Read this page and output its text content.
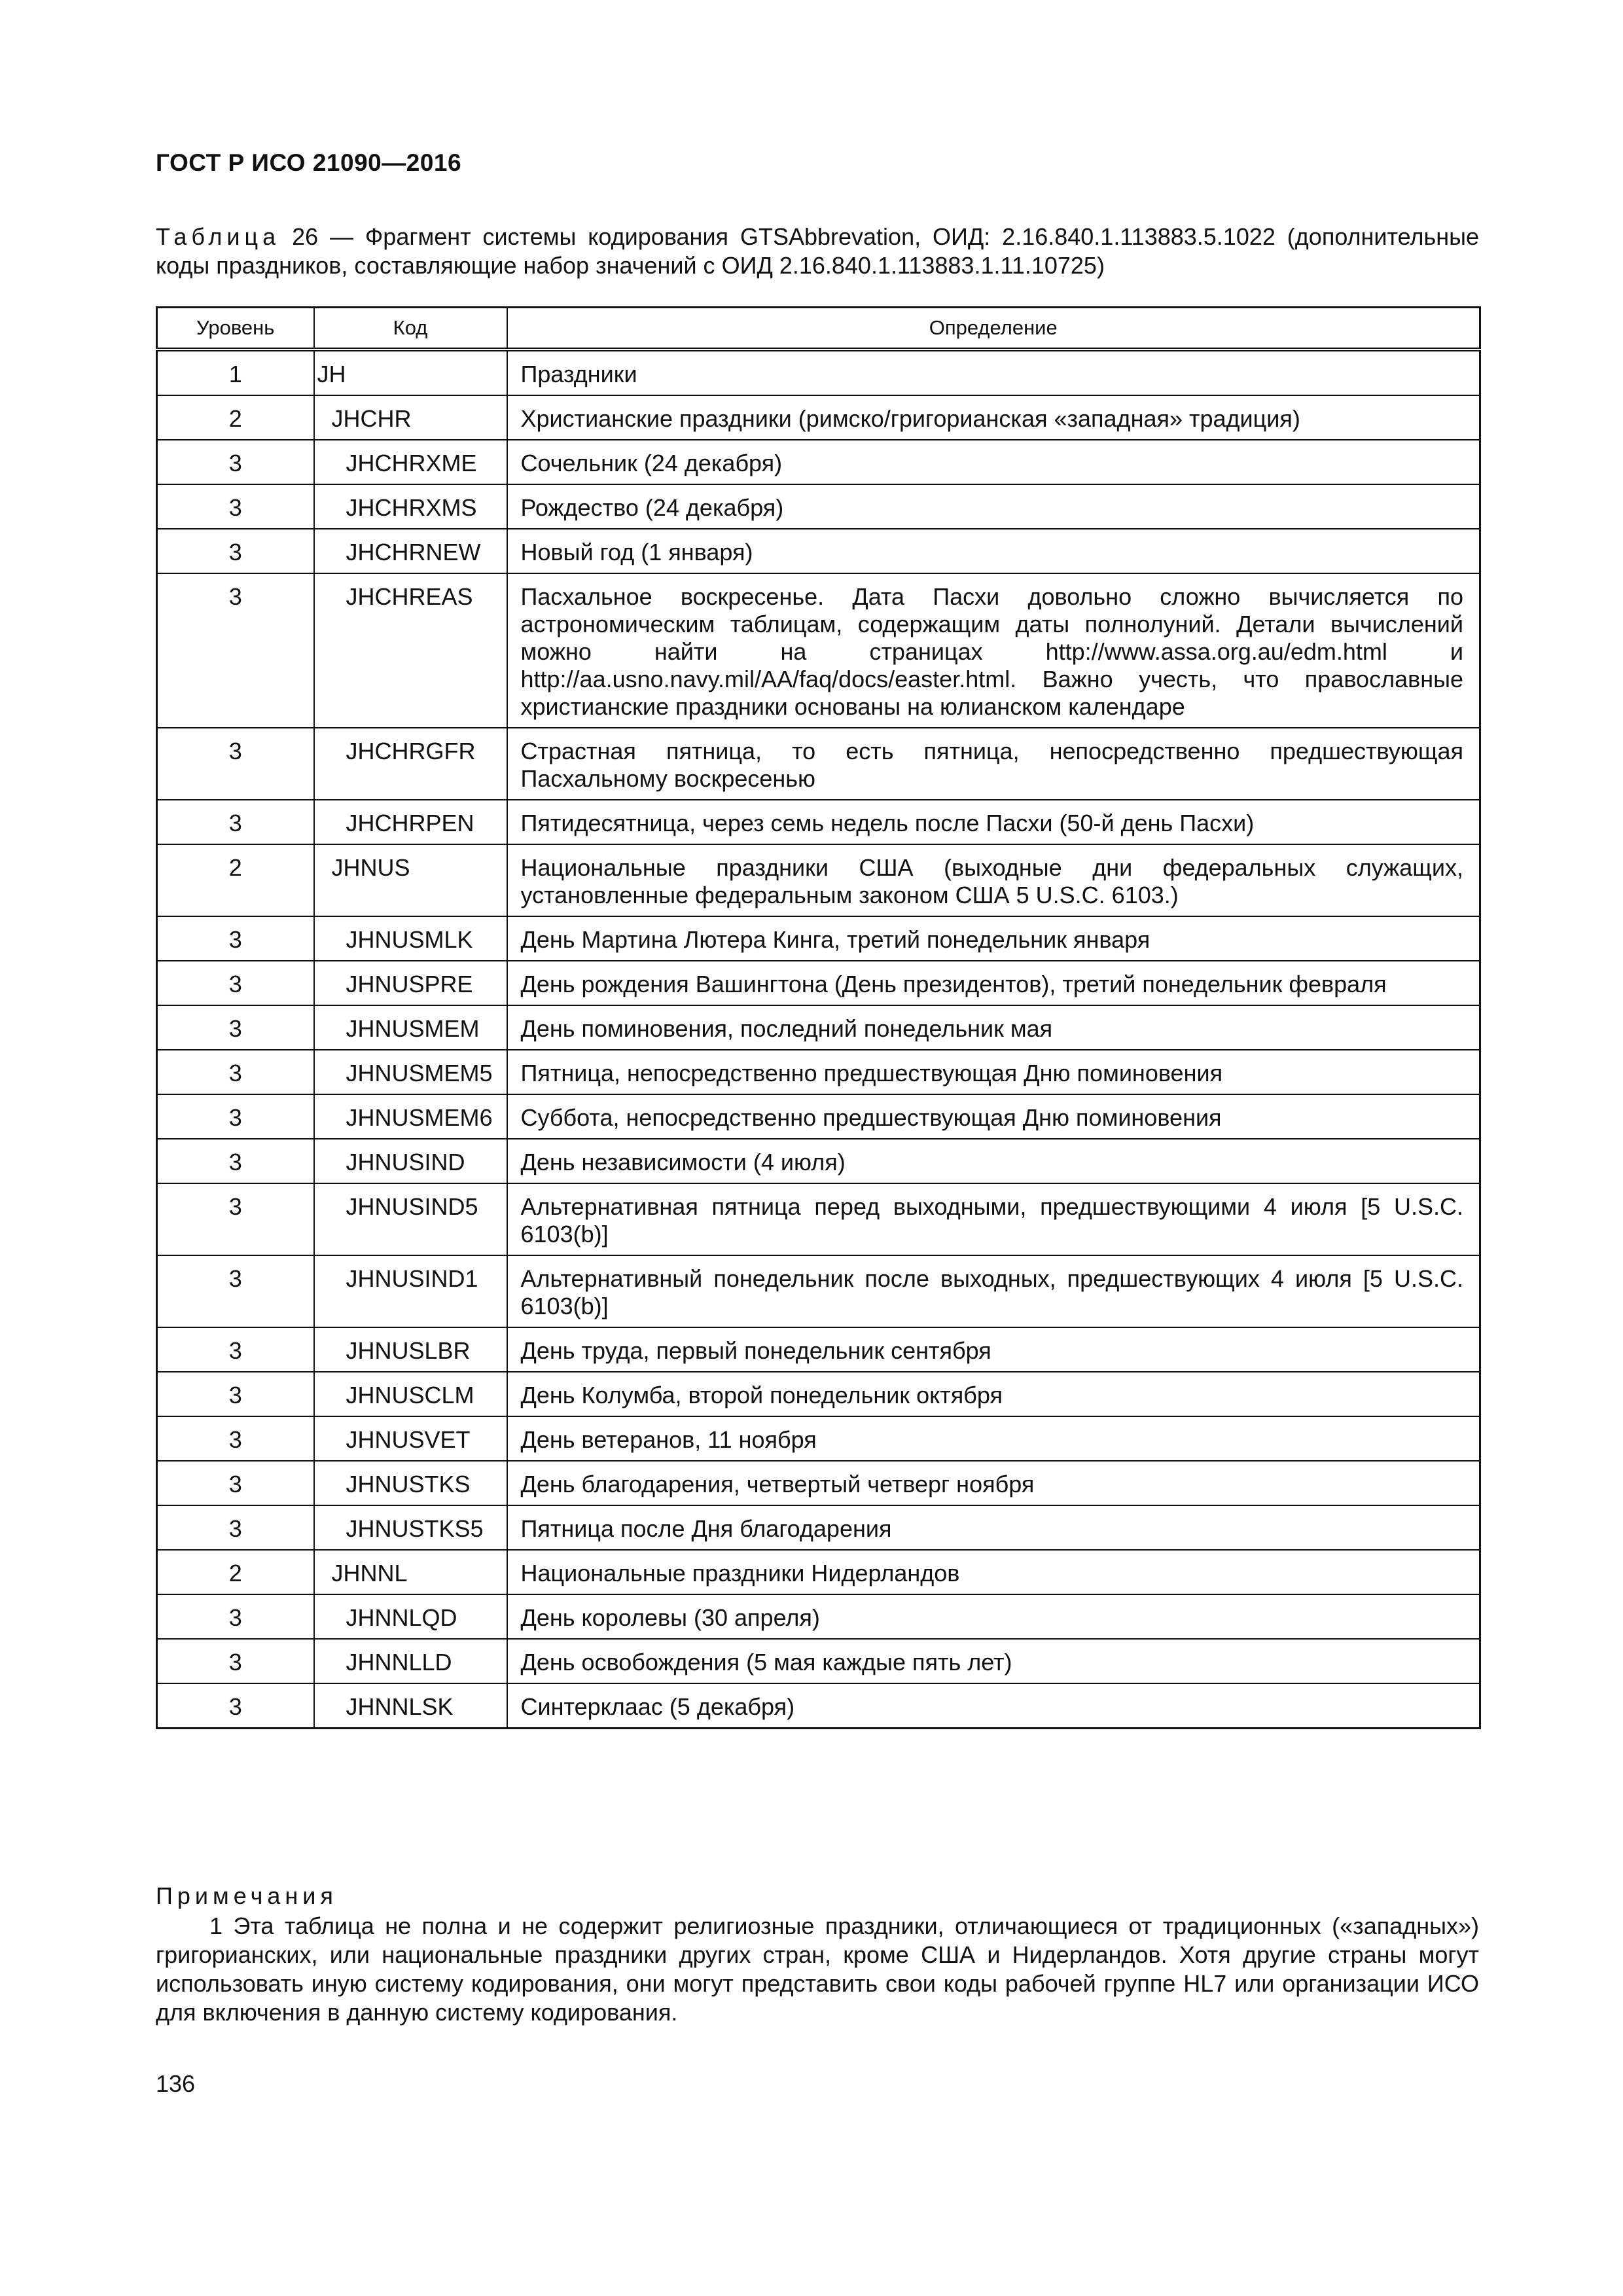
ГОСТ Р ИСО 21090—2016
Таблица 26 — Фрагмент системы кодирования GTSAbbrevation, ОИД: 2.16.840.1.113883.5.1022 (дополнительные коды праздников, составляющие набор значений с ОИД 2.16.840.1.113883.1.11.10725)
Уровень	Код	Определение
1	JH	Праздники
2	JHCHR	Христианские праздники (римско/григорианская «западная» традиция)
3	JHCHRXME	Сочельник (24 декабря)
3	JHCHRXMS	Рождество (24 декабря)
3	JHCHRNEW	Новый год (1 января)
3	JHCHREAS	Пасхальное воскресенье. Дата Пасхи довольно сложно вычисляется по астрономическим таблицам, содержащим даты полнолуний. Детали вычислений можно найти на страницах http://www.assa.org.au/edm.html и http://aa.usno.navy.mil/AA/faq/docs/easter.html. Важно учесть, что православные христианские праздники основаны на юлианском календаре
3	JHCHRGFR	Страстная пятница, то есть пятница, непосредственно предшествующая Пасхальному воскресенью
3	JHCHRPEN	Пятидесятница, через семь недель после Пасхи (50-й день Пасхи)
2	JHNUS	Национальные праздники США (выходные дни федеральных служащих, установленные федеральным законом США 5 U.S.C. 6103.)
3	JHNUSMLK	День Мартина Лютера Кинга, третий понедельник января
3	JHNUSPRE	День рождения Вашингтона (День президентов), третий понедельник февраля
3	JHNUSMEM	День поминовения, последний понедельник мая
3	JHNUSMEM5	Пятница, непосредственно предшествующая Дню поминовения
3	JHNUSMEM6	Суббота, непосредственно предшествующая Дню поминовения
3	JHNUSIND	День независимости (4 июля)
3	JHNUSIND5	Альтернативная пятница перед выходными, предшествующими 4 июля [5 U.S.C. 6103(b)]
3	JHNUSIND1	Альтернативный понедельник после выходных, предшествующих 4 июля [5 U.S.C. 6103(b)]
3	JHNUSLBR	День труда, первый понедельник сентября
3	JHNUSCLM	День Колумба, второй понедельник октября
3	JHNUSVET	День ветеранов, 11 ноября
3	JHNUSTKS	День благодарения, четвертый четверг ноября
3	JHNUSTKS5	Пятница после Дня благодарения
2	JHNNL	Национальные праздники Нидерландов
3	JHNNLQD	День королевы (30 апреля)
3	JHNNLLD	День освобождения (5 мая каждые пять лет)
3	JHNNLSK	Синтерклаас (5 декабря)
Примечания
1 Эта таблица не полна и не содержит религиозные праздники, отличающиеся от традиционных («западных») григорианских, или национальные праздники других стран, кроме США и Нидерландов. Хотя другие страны могут использовать иную систему кодирования, они могут представить свои коды рабочей группе HL7 или организации ИСО для включения в данную систему кодирования.
136
